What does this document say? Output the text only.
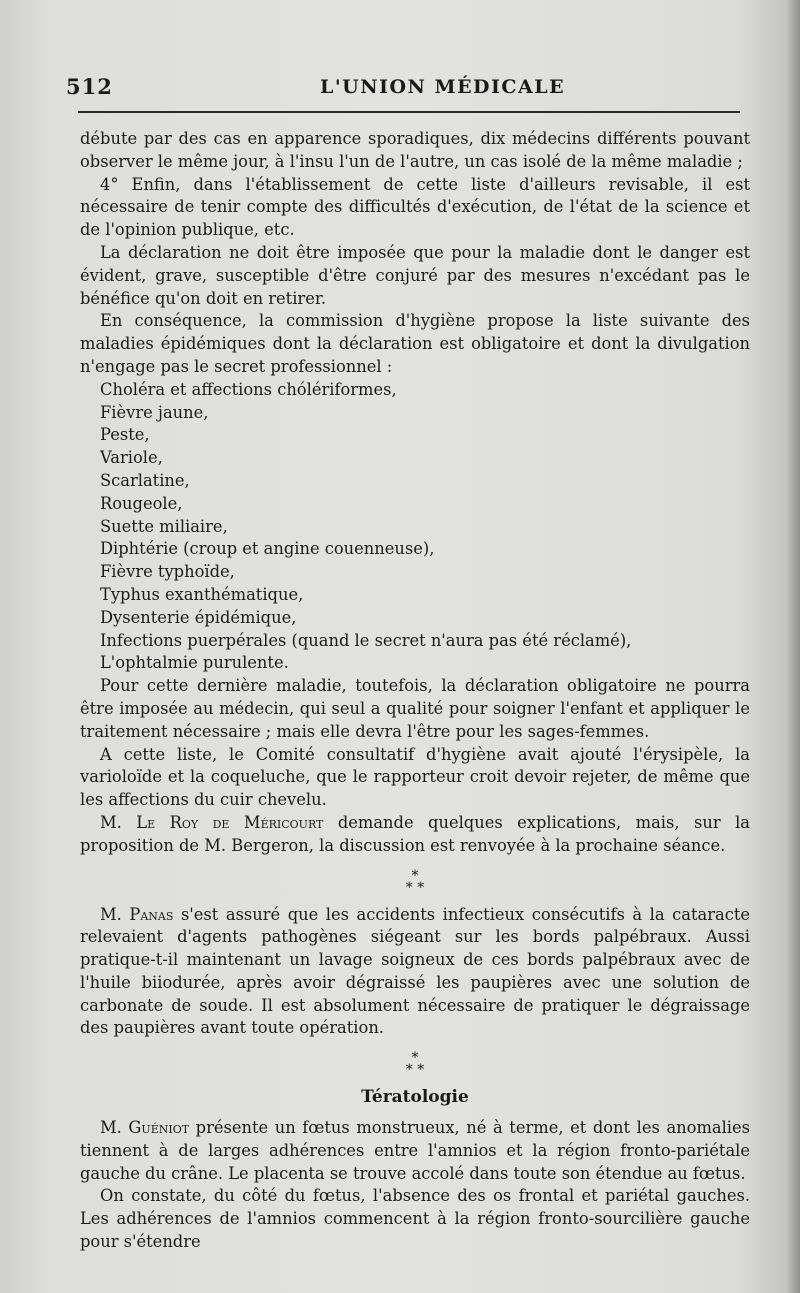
512	L'UNION MÉDICALE

débute par des cas en apparence sporadiques, dix médecins différents pouvant observer le même jour, à l'insu l'un de l'autre, un cas isolé de la même maladie ;

4° Enfin, dans l'établissement de cette liste d'ailleurs revisable, il est nécessaire de tenir compte des difficultés d'exécution, de l'état de la science et de l'opinion publique, etc.

La déclaration ne doit être imposée que pour la maladie dont le danger est évident, grave, susceptible d'être conjuré par des mesures n'excédant pas le bénéfice qu'on doit en retirer.

En conséquence, la commission d'hygiène propose la liste suivante des maladies épidémiques dont la déclaration est obligatoire et dont la divulgation n'engage pas le secret professionnel :

Choléra et affections chólériformes,
Fièvre jaune,
Peste,
Variole,
Scarlatine,
Rougeole,
Suette miliaire,
Diphtérie (croup et angine couenneuse),
Fièvre typhoïde,
Typhus exanthématique,
Dysenterie épidémique,
Infections puerpérales (quand le secret n'aura pas été réclamé),
L'ophtalmie purulente.

Pour cette dernière maladie, toutefois, la déclaration obligatoire ne pourra être imposée au médecin, qui seul a qualité pour soigner l'enfant et appliquer le traitement nécessaire ; mais elle devra l'être pour les sages-femmes.

A cette liste, le Comité consultatif d'hygiène avait ajouté l'érysipèle, la varioloïde et la coqueluche, que le rapporteur croit devoir rejeter, de même que les affections du cuir chevelu.

M. Le Roy de Méricourt demande quelques explications, mais, sur la proposition de M. Bergeron, la discussion est renvoyée à la prochaine séance.

*
* *

M. Panas s'est assuré que les accidents infectieux consécutifs à la cataracte relevaient d'agents pathogènes siégeant sur les bords palpébraux. Aussi pratique-t-il maintenant un lavage soigneux de ces bords palpébraux avec de l'huile biiodurée, après avoir dégraissé les paupières avec une solution de carbonate de soude. Il est absolument nécessaire de pratiquer le dégraissage des paupières avant toute opération.

*
* *
Tératologie

M. Guéniot présente un fœtus monstrueux, né à terme, et dont les anomalies tiennent à de larges adhérences entre l'amnios et la région fronto-pariétale gauche du crâne. Le placenta se trouve accolé dans toute son étendue au fœtus.

On constate, du côté du fœtus, l'absence des os frontal et pariétal gauches. Les adhérences de l'amnios commencent à la région fronto-sourcilière gauche pour s'étendre
